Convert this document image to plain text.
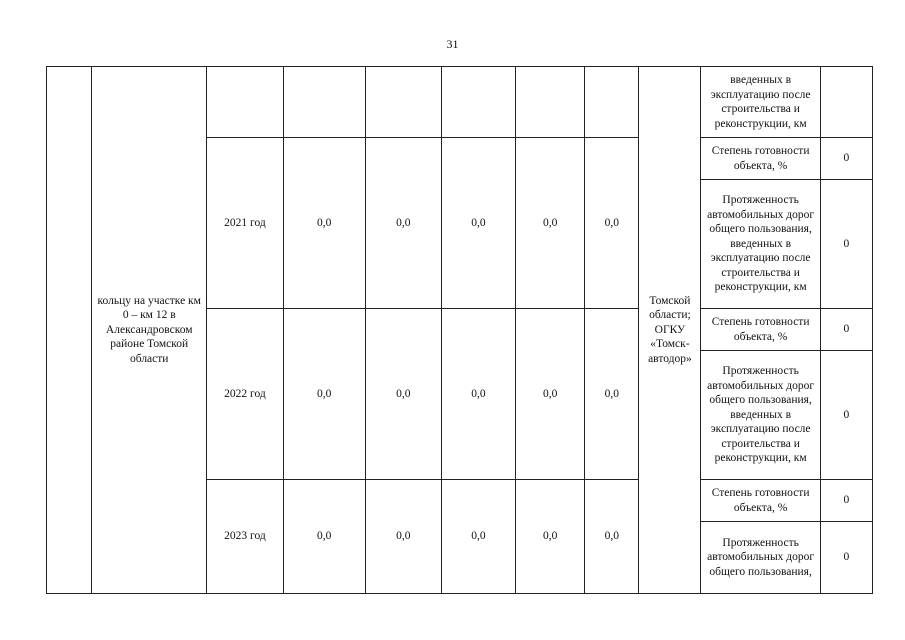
31
	кольцу на участке км 0 – км 12 в Александровском районе Томской области							Томской области; ОГКУ «Томск-автодор»	введенных в эксплуатацию после строительства и реконструкции, км	
		2021 год	0,0	0,0	0,0	0,0	0,0		Степень готовности объекта, %	0
									Протяженность автомобильных дорог общего пользования, введенных в эксплуатацию после строительства и реконструкции, км	0
		2022 год	0,0	0,0	0,0	0,0	0,0		Степень готовности объекта, %	0
									Протяженность автомобильных дорог общего пользования, введенных в эксплуатацию после строительства и реконструкции, км	0
		2023 год	0,0	0,0	0,0	0,0	0,0		Степень готовности объекта, %	0
									Протяженность автомобильных дорог общего пользования,	0
